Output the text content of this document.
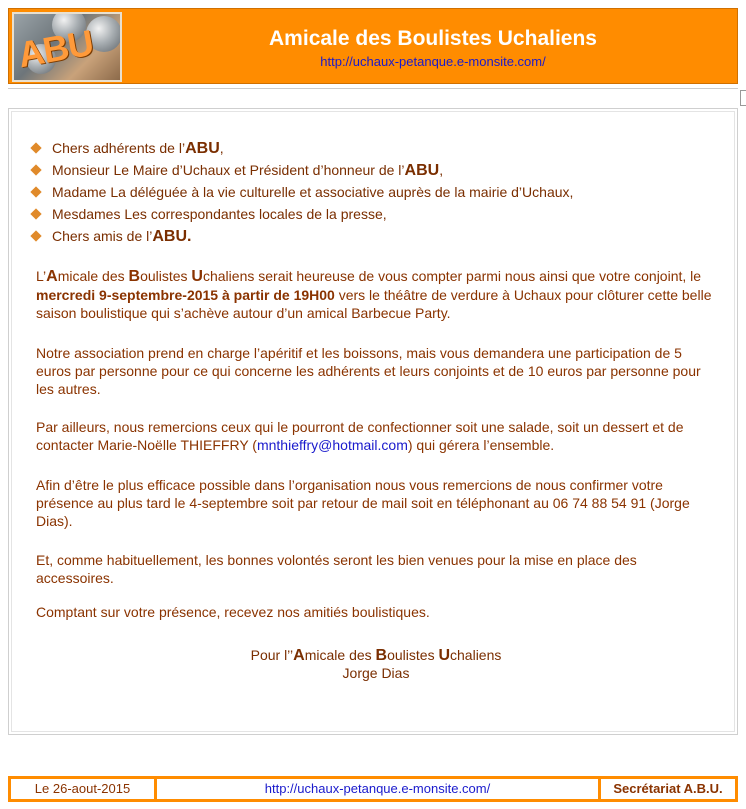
ABU	Amicale des Boulistes Uchaliens
http://uchaux-petanque.e-monsite.com/
Chers adhérents de l’ABU,
Monsieur Le Maire d’Uchaux et Président d’honneur de l’ABU,
Madame La déléguée à la vie culturelle et associative auprès de la mairie d’Uchaux,
Mesdames Les correspondantes locales de la presse,
Chers amis de l’ABU.

L’Amicale des Boulistes Uchaliens serait heureuse de vous compter parmi nous ainsi que votre conjoint, le mercredi 9-septembre-2015 à partir de 19H00 vers le théâtre de verdure à Uchaux pour clôturer cette belle saison boulistique qui s’achève autour d’un amical Barbecue Party.

Notre association prend en charge l’apéritif et les boissons, mais vous demandera une participation de 5 euros par personne pour ce qui concerne les adhérents et leurs conjoints et de 10 euros par personne pour les autres.

Par ailleurs, nous remercions ceux qui le pourront de confectionner soit une salade, soit un dessert et de contacter Marie-Noëlle THIEFFRY (mnthieffry@hotmail.com) qui gérera l’ensemble.

Afin d’être le plus efficace possible dans l’organisation nous vous remercions de nous confirmer votre présence au plus tard le 4-septembre soit par retour de mail soit en téléphonant au 06 74 88 54 91 (Jorge Dias).

Et, comme habituellement, les bonnes volontés seront les bien venues pour la mise en place des accessoires.

Comptant sur votre présence, recevez nos amitiés boulistiques.

Pour l’’Amicale des Boulistes Uchaliens
Jorge Dias
Le 26-aout-2015	http://uchaux-petanque.e-monsite.com/	Secrétariat A.B.U.
